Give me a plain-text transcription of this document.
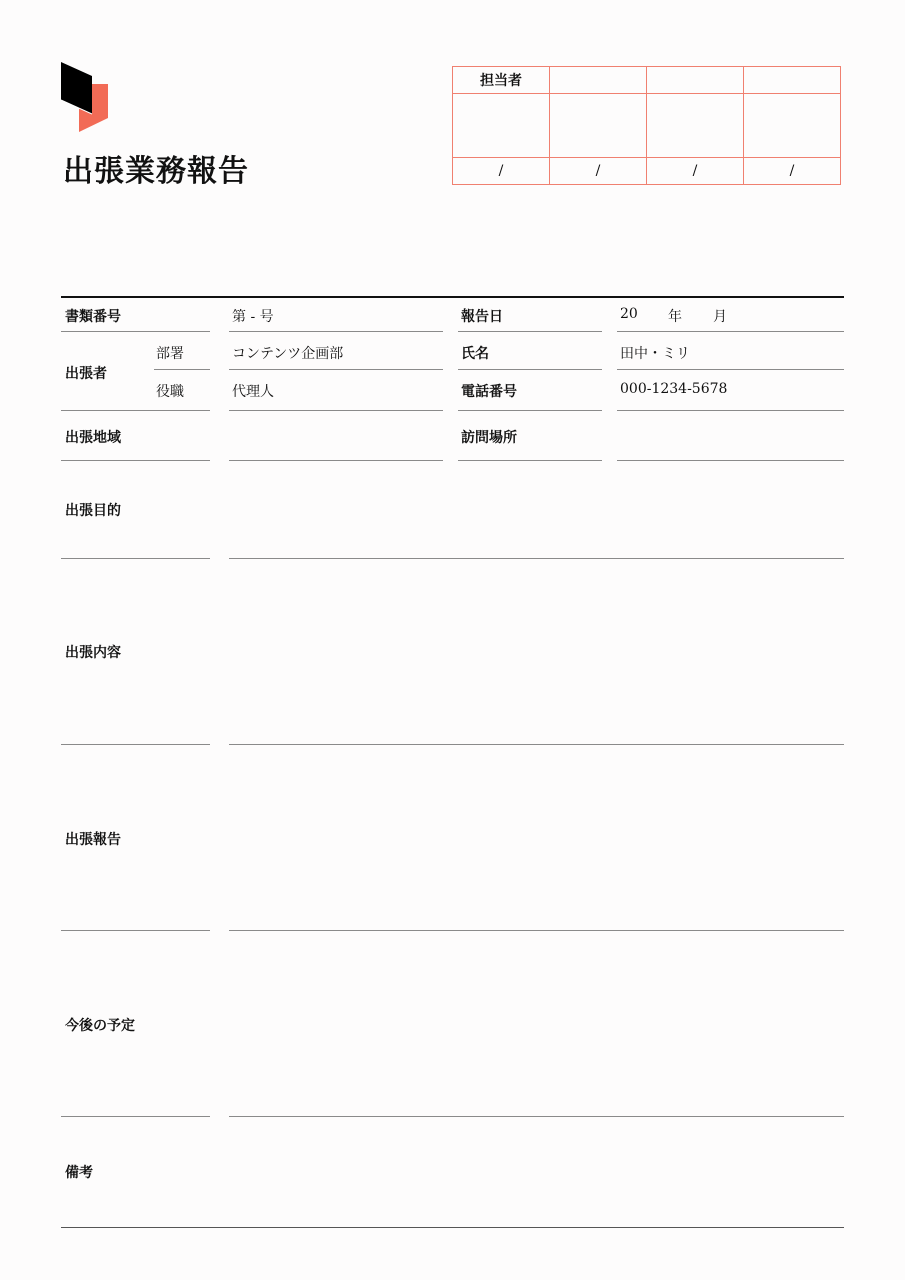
出張業務報告
担当者			

/	/	/	/
書類番号	第 - 号	報告日	20 年 月
出張者
部署	コンテンツ企画部	氏名	田中・ミリ
役職	代理人	電話番号	000-1234-5678
出張地域	訪問場所
出張目的
出張内容
出張報告
今後の予定
備考
